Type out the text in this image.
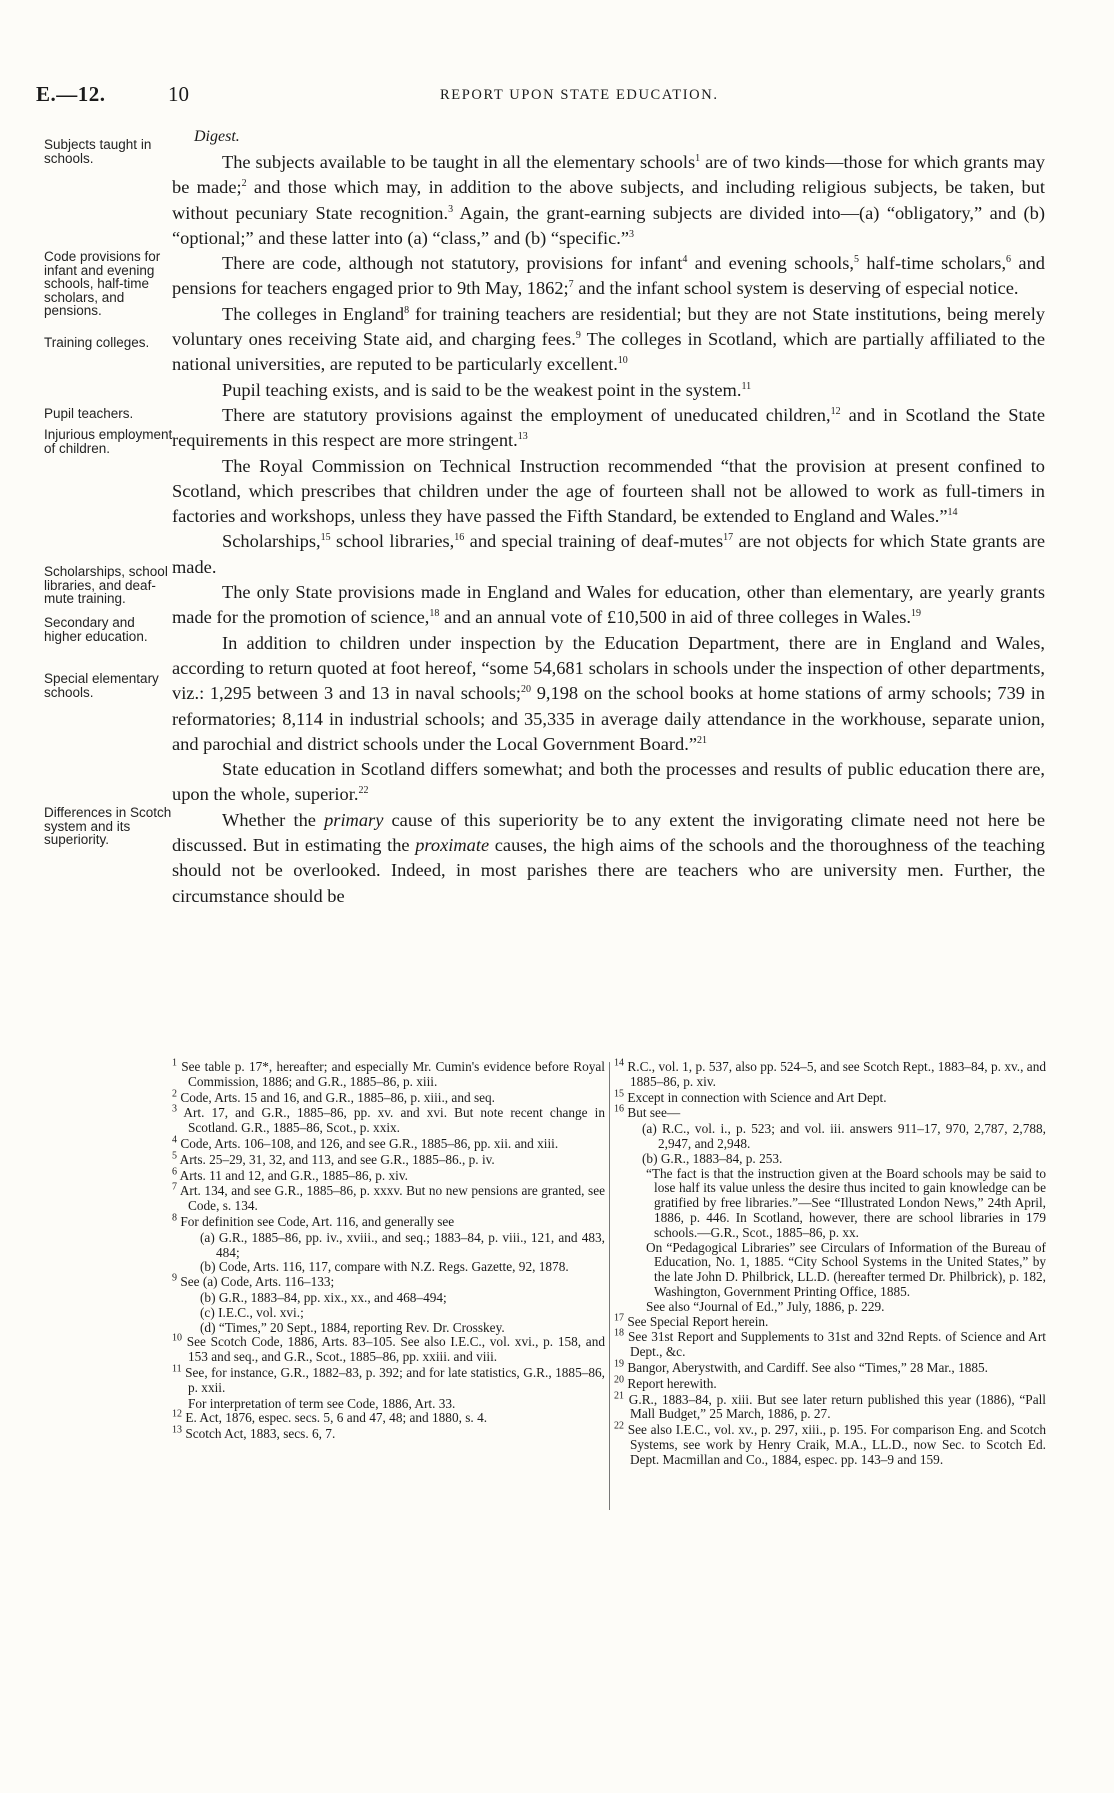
E.—12.	10	REPORT UPON STATE EDUCATION.
Digest.
Subjects taught in schools.
Code provisions for infant and evening schools, half-time scholars, and pensions.
Training colleges.
Pupil teachers.
Injurious employment of children.
Scholarships, school libraries, and deaf-mute training.
Secondary and higher education.
Special elementary schools.
Differences in Scotch system and its superiority.

The subjects available to be taught in all the elementary schools$^1$ are of two kinds—those for which grants may be made;$^2$ and those which may, in addition to the above subjects, and including religious subjects, be taken, but without pecuniary State recognition.$^3$ Again, the grant-earning subjects are divided into—(a) “obligatory,” and (b) “optional;” and these latter into (a) “class,” and (b) “specific.”$^3$

There are code, although not statutory, provisions for infant$^4$ and evening schools,$^5$ half-time scholars,$^6$ and pensions for teachers engaged prior to 9th May, 1862;$^7$ and the infant school system is deserving of especial notice.

The colleges in England$^8$ for training teachers are residential; but they are not State institutions, being merely voluntary ones receiving State aid, and charging fees.$^9$ The colleges in Scotland, which are partially affiliated to the national universities, are reputed to be particularly excellent.$^{10}$

Pupil teaching exists, and is said to be the weakest point in the system.$^{11}$

There are statutory provisions against the employment of uneducated children,$^{12}$ and in Scotland the State requirements in this respect are more stringent.$^{13}$

The Royal Commission on Technical Instruction recommended “that the provision at present confined to Scotland, which prescribes that children under the age of fourteen shall not be allowed to work as full-timers in factories and workshops, unless they have passed the Fifth Standard, be extended to England and Wales.”$^{14}$

Scholarships,$^{15}$ school libraries,$^{16}$ and special training of deaf-mutes$^{17}$ are not objects for which State grants are made.

The only State provisions made in England and Wales for education, other than elementary, are yearly grants made for the promotion of science,$^{18}$ and an annual vote of £10,500 in aid of three colleges in Wales.$^{19}$

In addition to children under inspection by the Education Department, there are in England and Wales, according to return quoted at foot hereof, “some 54,681 scholars in schools under the inspection of other departments, viz.: 1,295 between 3 and 13 in naval schools;$^{20}$ 9,198 on the school books at home stations of army schools; 739 in reformatories; 8,114 in industrial schools; and 35,335 in average daily attendance in the workhouse, separate union, and parochial and district schools under the Local Government Board.”$^{21}$

State education in Scotland differs somewhat; and both the processes and results of public education there are, upon the whole, superior.$^{22}$

Whether the primary cause of this superiority be to any extent the invigorating climate need not here be discussed. But in estimating the proximate causes, the high aims of the schools and the thoroughness of the teaching should not be overlooked. Indeed, in most parishes there are teachers who are university men. Further, the circumstance should be

$^1$ See table p. 17*, hereafter; and especially Mr. Cumin's evidence before Royal Commission, 1886; and G.R., 1885–86, p. xiii.

$^2$ Code, Arts. 15 and 16, and G.R., 1885–86, p. xiii., and seq.

$^3$ Art. 17, and G.R., 1885–86, pp. xv. and xvi. But note recent change in Scotland. G.R., 1885–86, Scot., p. xxix.

$^4$ Code, Arts. 106–108, and 126, and see G.R., 1885–86, pp. xii. and xiii.

$^5$ Arts. 25–29, 31, 32, and 113, and see G.R., 1885–86., p. iv.

$^6$ Arts. 11 and 12, and G.R., 1885–86, p. xiv.

$^7$ Art. 134, and see G.R., 1885–86, p. xxxv. But no new pensions are granted, see Code, s. 134.

$^8$ For definition see Code, Art. 116, and generally see

(a) G.R., 1885–86, pp. iv., xviii., and seq.; 1883–84, p. viii., 121, and 483, 484;

(b) Code, Arts. 116, 117, compare with N.Z. Regs. Gazette, 92, 1878.

$^9$ See (a) Code, Arts. 116–133;

(b) G.R., 1883–84, pp. xix., xx., and 468–494;

(c) I.E.C., vol. xvi.;

(d) “Times,” 20 Sept., 1884, reporting Rev. Dr. Crosskey.

$^{10}$ See Scotch Code, 1886, Arts. 83–105. See also I.E.C., vol. xvi., p. 158, and 153 and seq., and G.R., Scot., 1885–86, pp. xxiii. and viii.

$^{11}$ See, for instance, G.R., 1882–83, p. 392; and for late statistics, G.R., 1885–86, p. xxii.

For interpretation of term see Code, 1886, Art. 33.

$^{12}$ E. Act, 1876, espec. secs. 5, 6 and 47, 48; and 1880, s. 4.

$^{13}$ Scotch Act, 1883, secs. 6, 7.

$^{14}$ R.C., vol. 1, p. 537, also pp. 524–5, and see Scotch Rept., 1883–84, p. xv., and 1885–86, p. xiv.

$^{15}$ Except in connection with Science and Art Dept.

$^{16}$ But see—

(a) R.C., vol. i., p. 523; and vol. iii. answers 911–17, 970, 2,787, 2,788, 2,947, and 2,948.

(b) G.R., 1883–84, p. 253.

“The fact is that the instruction given at the Board schools may be said to lose half its value unless the desire thus incited to gain knowledge can be gratified by free libraries.”—See “Illustrated London News,” 24th April, 1886, p. 446. In Scotland, however, there are school libraries in 179 schools.—G.R., Scot., 1885–86, p. xx.

On “Pedagogical Libraries” see Circulars of Information of the Bureau of Education, No. 1, 1885. “City School Systems in the United States,” by the late John D. Philbrick, LL.D. (hereafter termed Dr. Philbrick), p. 182, Washington, Government Printing Office, 1885.

See also “Journal of Ed.,” July, 1886, p. 229.

$^{17}$ See Special Report herein.

$^{18}$ See 31st Report and Supplements to 31st and 32nd Repts. of Science and Art Dept., &c.

$^{19}$ Bangor, Aberystwith, and Cardiff. See also “Times,” 28 Mar., 1885.

$^{20}$ Report herewith.

$^{21}$ G.R., 1883–84, p. xiii. But see later return published this year (1886), “Pall Mall Budget,” 25 March, 1886, p. 27.

$^{22}$ See also I.E.C., vol. xv., p. 297, xiii., p. 195. For comparison Eng. and Scotch Systems, see work by Henry Craik, M.A., LL.D., now Sec. to Scotch Ed. Dept. Macmillan and Co., 1884, espec. pp. 143–9 and 159.
